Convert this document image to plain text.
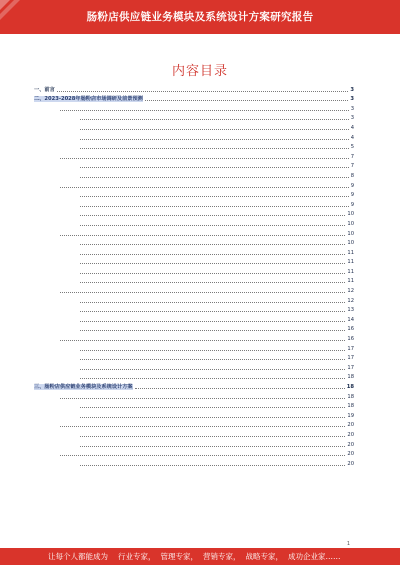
肠粉店供应链业务模块及系统设计方案研究报告
内容目录
一、前言	3
二、2023-2028年肠粉店市场调研及前景预测	3
3
3
4
4
5
7
7
8
9
9
9
10
10
10
10
11
11
11
11
12
12
13
14
16
16
17
17
17
18
三、肠粉店供应链业务模块及系统设计方案	18
18
18
19
20
20
20
20
20
1
让每个人都能成为 行业专家， 管理专家， 营销专家， 战略专家， 成功企业家……
